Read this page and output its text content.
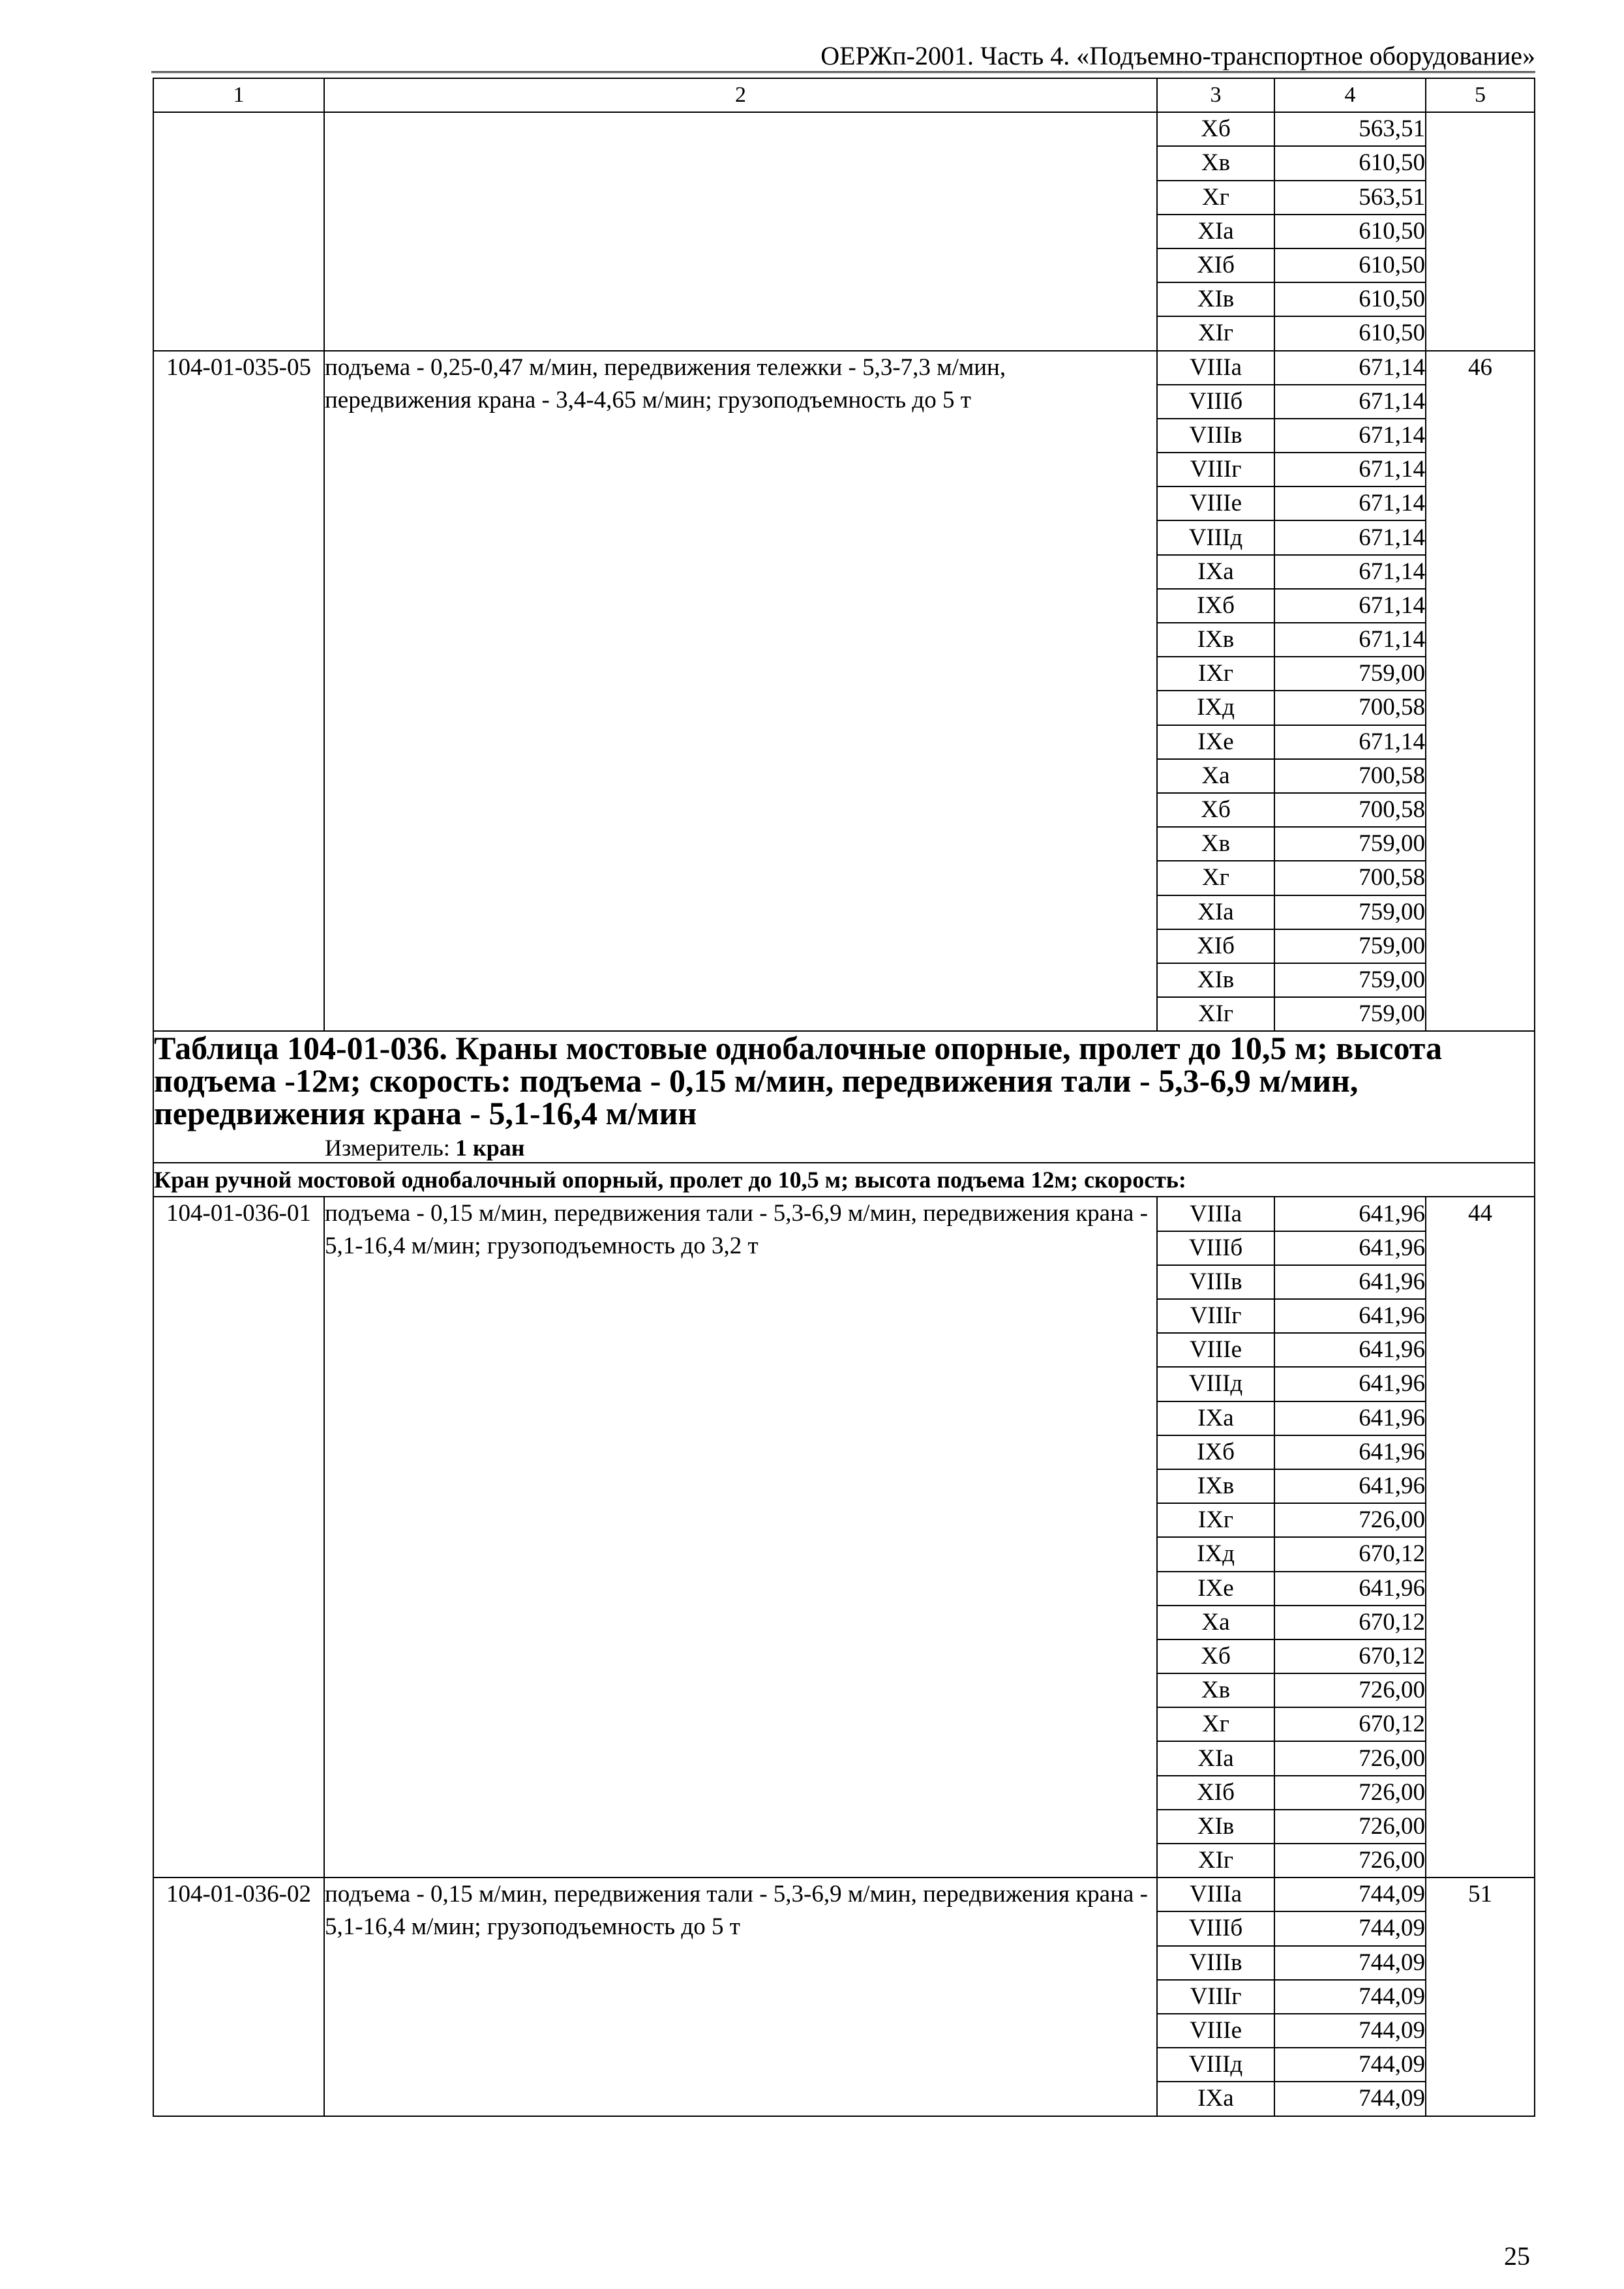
ОЕРЖп-2001. Часть 4. «Подъемно-транспортное оборудование»
1	2	3	4	5
		Xб	563,51	
		Xв	610,50	
		Xг	563,51	
		XIа	610,50	
		XIб	610,50	
		XIв	610,50	
		XIг	610,50	
104-01-035-05	подъема - 0,25-0,47 м/мин, передвижения тележки - 5,3-7,3 м/мин, передвижения крана - 3,4-4,65 м/мин; грузоподъемность до 5 т	VIIIа	671,14	46
		VIIIб	671,14	
		VIIIв	671,14	
		VIIIг	671,14	
		VIIIе	671,14	
		VIIIд	671,14	
		IXа	671,14	
		IXб	671,14	
		IXв	671,14	
		IXг	759,00	
		IXд	700,58	
		IXе	671,14	
		Xа	700,58	
		Xб	700,58	
		Xв	759,00	
		Xг	700,58	
		XIа	759,00	
		XIб	759,00	
		XIв	759,00	
		XIг	759,00	

Таблица 104-01-036. Краны мостовые однобалочные опорные, пролет до 10,5 м; высота подъема -12м; скорость: подъема - 0,15 м/мин, передвижения тали - 5,3-6,9 м/мин, передвижения крана - 5,1-16,4 м/мин
Измеритель: 1 кран				

Кран ручной мостовой однобалочный опорный, пролет до 10,5 м; высота подъема 12м; скорость:				
104-01-036-01	подъема - 0,15 м/мин, передвижения тали - 5,3-6,9 м/мин, передвижения крана - 5,1-16,4 м/мин; грузоподъемность до 3,2 т	VIIIа	641,96	44
		VIIIб	641,96	
		VIIIв	641,96	
		VIIIг	641,96	
		VIIIе	641,96	
		VIIIд	641,96	
		IXа	641,96	
		IXб	641,96	
		IXв	641,96	
		IXг	726,00	
		IXд	670,12	
		IXе	641,96	
		Xа	670,12	
		Xб	670,12	
		Xв	726,00	
		Xг	670,12	
		XIа	726,00	
		XIб	726,00	
		XIв	726,00	
		XIг	726,00	
104-01-036-02	подъема - 0,15 м/мин, передвижения тали - 5,3-6,9 м/мин, передвижения крана - 5,1-16,4 м/мин; грузоподъемность до 5 т	VIIIа	744,09	51
		VIIIб	744,09	
		VIIIв	744,09	
		VIIIг	744,09	
		VIIIе	744,09	
		VIIIд	744,09	
		IXа	744,09	
25
